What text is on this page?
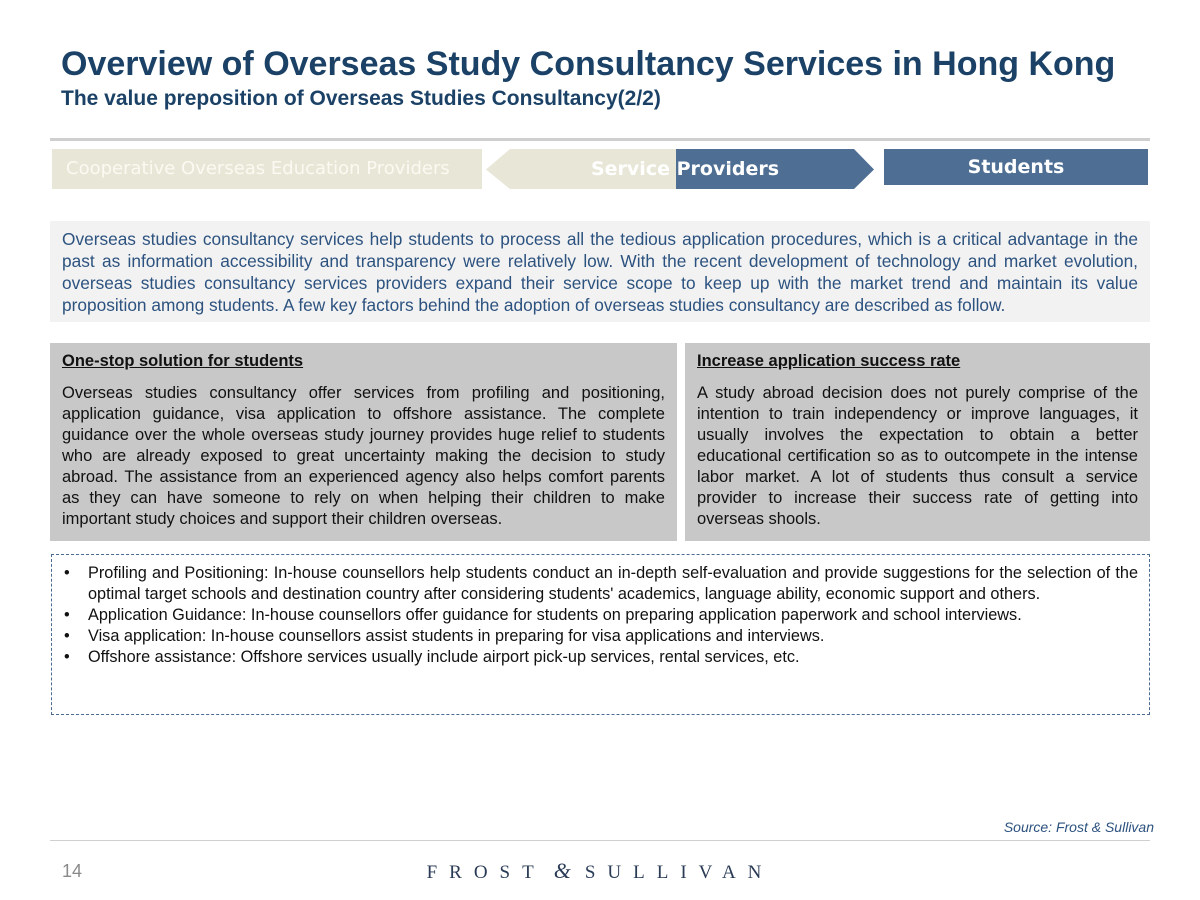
Overview of Overseas Study Consultancy Services in Hong Kong
The value preposition of Overseas Studies Consultancy(2/2)
Cooperative Overseas Education Providers	Service Providers	Students
Overseas studies consultancy services help students to process all the tedious application procedures, which is a critical advantage in the past as information accessibility and transparency were relatively low. With the recent development of technology and market evolution, overseas studies consultancy services providers expand their service scope to keep up with the market trend and maintain its value proposition among students. A few key factors behind the adoption of overseas studies consultancy are described as follow.
One-stop solution for students
Overseas studies consultancy offer services from profiling and positioning, application guidance, visa application to offshore assistance. The complete guidance over the whole overseas study journey provides huge relief to students who are already exposed to great uncertainty making the decision to study abroad. The assistance from an experienced agency also helps comfort parents as they can have someone to rely on when helping their children to make important study choices and support their children overseas.
Increase application success rate
A study abroad decision does not purely comprise of the intention to train independency or improve languages, it usually involves the expectation to obtain a better educational certification so as to outcompete in the intense labor market. A lot of students thus consult a service provider to increase their success rate of getting into overseas shools.
• Profiling and Positioning: In-house counsellors help students conduct an in-depth self-evaluation and provide suggestions for the selection of the optimal target schools and destination country after considering students' academics, language ability, economic support and others.
• Application Guidance: In-house counsellors offer guidance for students on preparing application paperwork and school interviews.
• Visa application: In-house counsellors assist students in preparing for visa applications and interviews.
• Offshore assistance: Offshore services usually include airport pick-up services, rental services, etc.
Source: Frost & Sullivan
14	FROST & SULLIVAN
